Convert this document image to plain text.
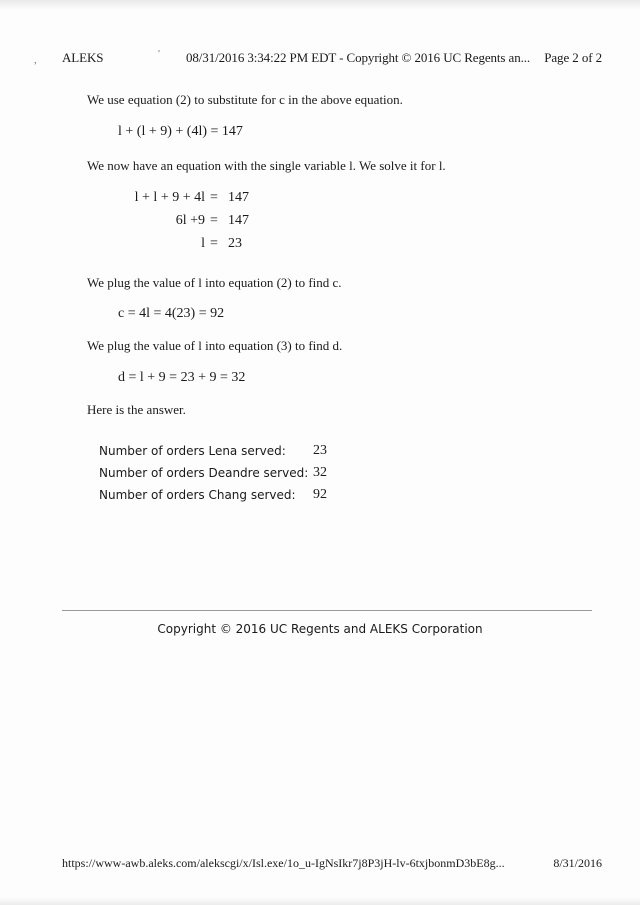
,	'
ALEKS	08/31/2016 3:34:22 PM EDT - Copyright © 2016 UC Regents an... Page 2 of 2
We use equation (2) to substitute for c in the above equation.
l + (l + 9) + (4l) = 147
We now have an equation with the single variable l. We solve it for l.
l + l + 9 + 4l = 147
6l +9 = 147
l = 23
We plug the value of l into equation (2) to find c.
c = 4l = 4(23) = 92
We plug the value of l into equation (3) to find d.
d = l + 9 = 23 + 9 = 32
Here is the answer.
Number of orders Lena served: 23
Number of orders Deandre served: 32
Number of orders Chang served: 92
Copyright © 2016 UC Regents and ALEKS Corporation
https://www-awb.aleks.com/alekscgi/x/Isl.exe/1o_u-IgNsIkr7j8P3jH-lv-6txjbonmD3bE8g...	8/31/2016
